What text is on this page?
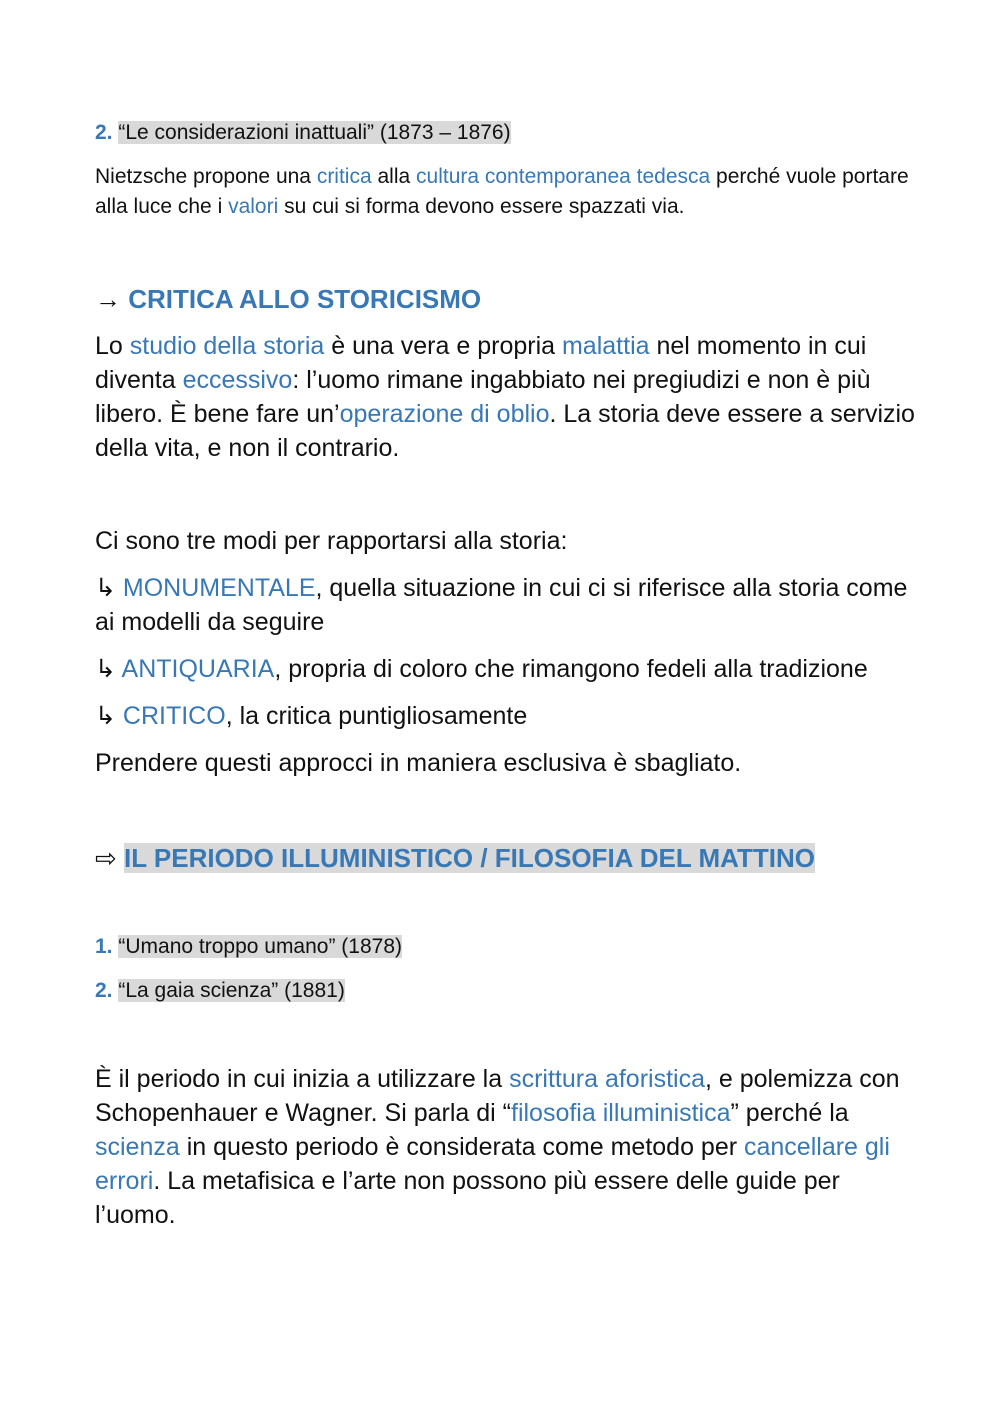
2. “Le considerazioni inattuali” (1873 – 1876)
Nietzsche propone una critica alla cultura contemporanea tedesca perché vuole portare alla luce che i valori su cui si forma devono essere spazzati via.
→ CRITICA ALLO STORICISMO
Lo studio della storia è una vera e propria malattia nel momento in cui diventa eccessivo: l’uomo rimane ingabbiato nei pregiudizi e non è più libero. È bene fare un’operazione di oblio. La storia deve essere a servizio della vita, e non il contrario.
Ci sono tre modi per rapportarsi alla storia:
↳ MONUMENTALE, quella situazione in cui ci si riferisce alla storia come ai modelli da seguire
↳ ANTIQUARIA, propria di coloro che rimangono fedeli alla tradizione
↳ CRITICO, la critica puntigliosamente
Prendere questi approcci in maniera esclusiva è sbagliato.
⇨ IL PERIODO ILLUMINISTICO / FILOSOFIA DEL MATTINO
1. “Umano troppo umano” (1878)
2. “La gaia scienza” (1881)
È il periodo in cui inizia a utilizzare la scrittura aforistica, e polemizza con Schopenhauer e Wagner. Si parla di “filosofia illuministica” perché la scienza in questo periodo è considerata come metodo per cancellare gli errori. La metafisica e l’arte non possono più essere delle guide per l’uomo.
